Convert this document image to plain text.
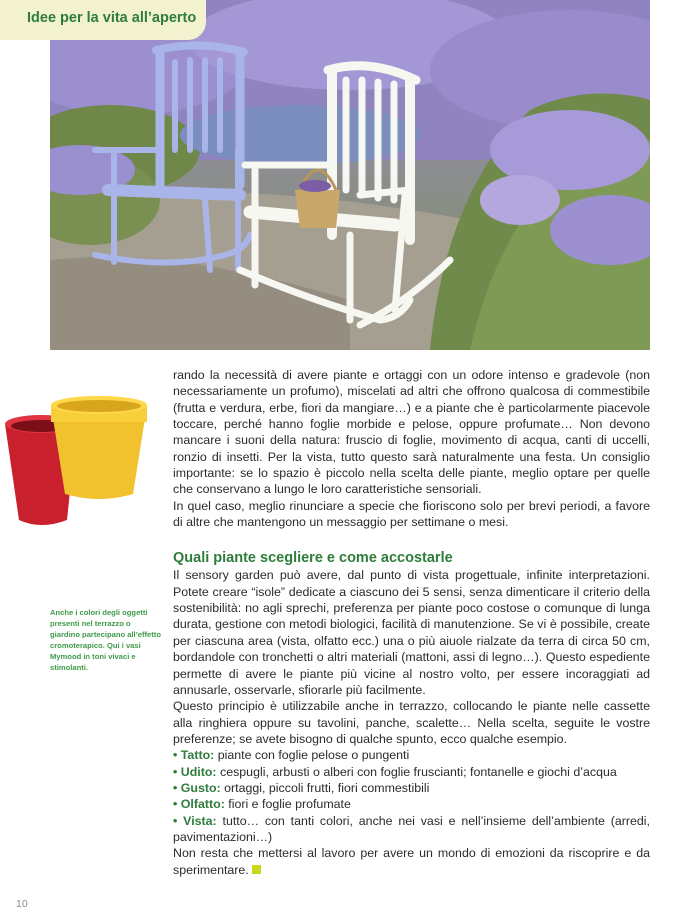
Idee per la vita all’aperto
Anche i colori degli oggetti presenti nel terrazzo o giardino partecipano all’effetto cromoterapico. Qui i vasi Mymood in toni vivaci e stimolanti.

rando la necessità di avere piante e ortaggi con un odore intenso e gradevole (non necessariamente un profumo), miscelati ad altri che offrono qualcosa di commestibile (frutta e verdura, erbe, fiori da mangiare…) e a piante che è particolarmente piacevole toccare, perché hanno foglie morbide e pelose, oppure profumate… Non devono mancare i suoni della natura: fruscio di foglie, movimento di acqua, canti di uccelli, ronzio di insetti. Per la vista, tutto questo sarà naturalmente una festa. Un consiglio importante: se lo spazio è piccolo nella scelta delle piante, meglio optare per quelle che conservano a lungo le loro caratteristiche sensoriali.

In quel caso, meglio rinunciare a specie che fioriscono solo per brevi periodi, a favore di altre che mantengono un messaggio per settimane o mesi.

Quali piante scegliere e come accostarle

Il sensory garden può avere, dal punto di vista progettuale, infinite interpretazioni. Potete creare “isole” dedicate a ciascuno dei 5 sensi, senza dimenticare il criterio della sostenibilità: no agli sprechi, preferenza per piante poco costose o comunque di lunga durata, gestione con metodi biologici, facilità di manutenzione. Se vi è possibile, create per ciascuna area (vista, olfatto ecc.) una o più aiuole rialzate da terra di circa 50 cm, bordandole con tronchetti o altri materiali (mattoni, assi di legno…). Questo espediente permette di avere le piante più vicine al nostro volto, per essere incoraggiati ad annusarle, osservarle, sfiorarle più facilmente.

Questo principio è utilizzabile anche in terrazzo, collocando le piante nelle cassette alla ringhiera oppure su tavolini, panche, scalette… Nella scelta, seguite le vostre preferenze; se avete bisogno di qualche spunto, ecco qualche esempio.

• Tatto: piante con foglie pelose o pungenti
• Udito: cespugli, arbusti o alberi con foglie fruscianti; fontanelle e giochi d’acqua
• Gusto: ortaggi, piccoli frutti, fiori commestibili
• Olfatto: fiori e foglie profumate
• Vista: tutto… con tanti colori, anche nei vasi e nell’insieme dell’ambiente (arredi, pavimentazioni…)

Non resta che mettersi al lavoro per avere un mondo di emozioni da riscoprire e da sperimentare.

10
